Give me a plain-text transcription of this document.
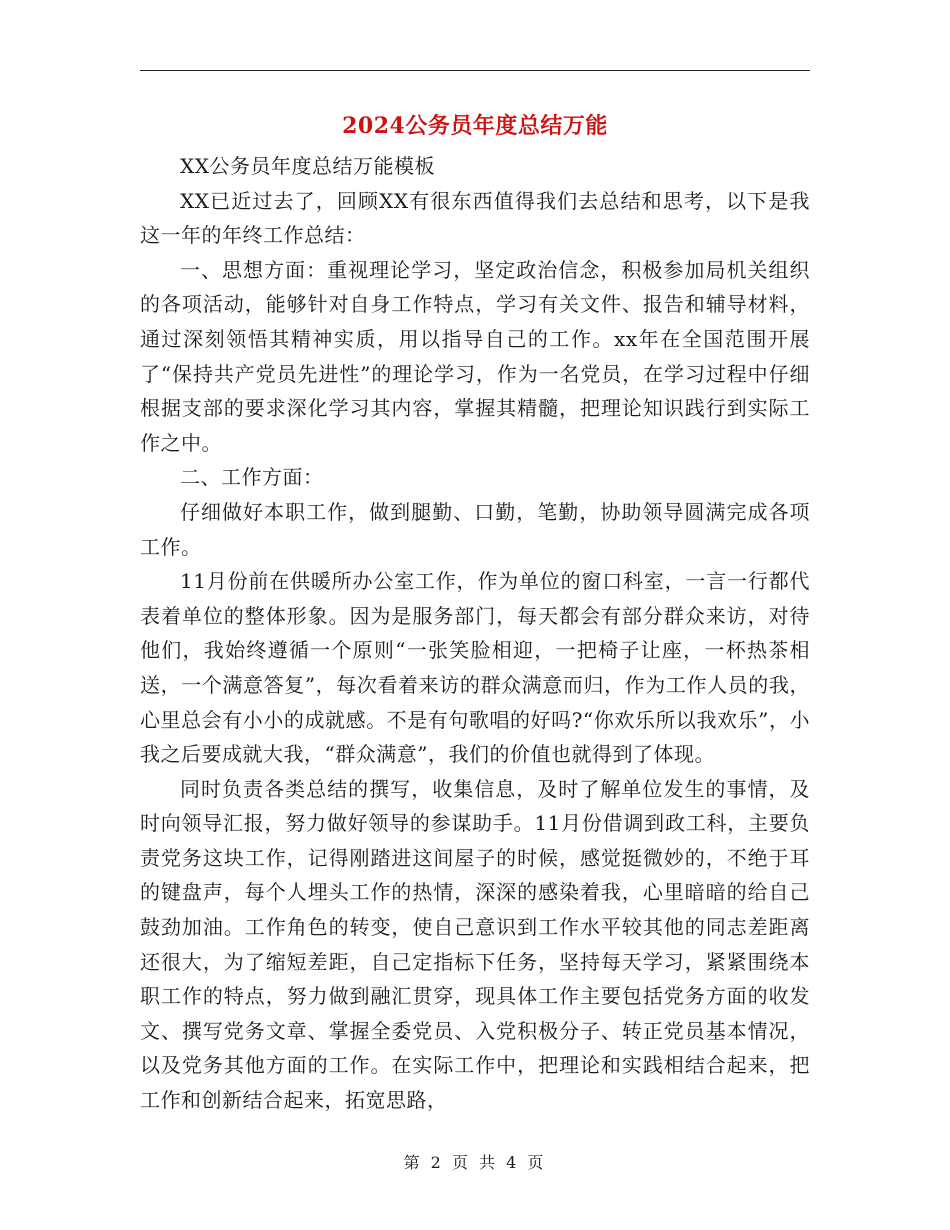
2024公务员年度总结万能

XX公务员年度总结万能模板

XX已近过去了，回顾XX有很东西值得我们去总结和思考，以下是我这一年的年终工作总结：

一、思想方面：重视理论学习，坚定政治信念，积极参加局机关组织的各项活动，能够针对自身工作特点，学习有关文件、报告和辅导材料，通过深刻领悟其精神实质，用以指导自己的工作。xx年在全国范围开展了“保持共产党员先进性”的理论学习，作为一名党员，在学习过程中仔细根据支部的要求深化学习其内容，掌握其精髓，把理论知识践行到实际工作之中。

二、工作方面：

仔细做好本职工作，做到腿勤、口勤，笔勤，协助领导圆满完成各项工作。

11月份前在供暖所办公室工作，作为单位的窗口科室，一言一行都代表着单位的整体形象。因为是服务部门，每天都会有部分群众来访，对待他们，我始终遵循一个原则“一张笑脸相迎，一把椅子让座，一杯热茶相送，一个满意答复”，每次看着来访的群众满意而归，作为工作人员的我，心里总会有小小的成就感。不是有句歌唱的好吗?“你欢乐所以我欢乐”，小我之后要成就大我，“群众满意”，我们的价值也就得到了体现。

同时负责各类总结的撰写，收集信息，及时了解单位发生的事情，及时向领导汇报，努力做好领导的参谋助手。11月份借调到政工科，主要负责党务这块工作，记得刚踏进这间屋子的时候，感觉挺微妙的，不绝于耳的键盘声，每个人埋头工作的热情，深深的感染着我，心里暗暗的给自己鼓劲加油。工作角色的转变，使自己意识到工作水平较其他的同志差距离还很大，为了缩短差距，自己定指标下任务，坚持每天学习，紧紧围绕本职工作的特点，努力做到融汇贯穿，现具体工作主要包括党务方面的收发文、撰写党务文章、掌握全委党员、入党积极分子、转正党员基本情况，以及党务其他方面的工作。在实际工作中，把理论和实践相结合起来，把工作和创新结合起来，拓宽思路，

第 2 页 共 4 页
